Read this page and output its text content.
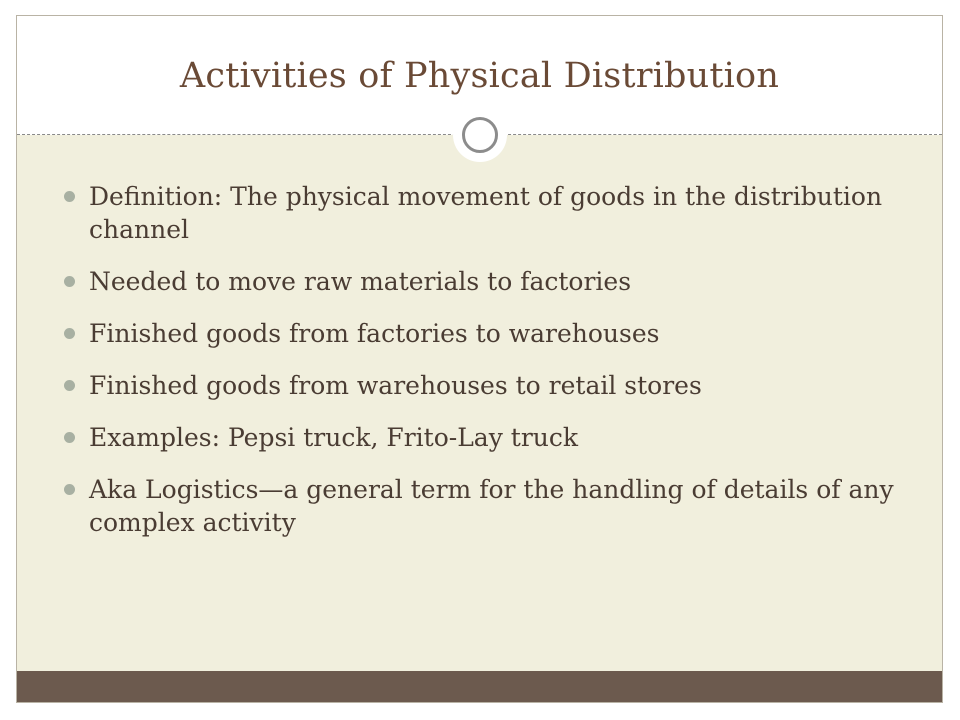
Activities of Physical Distribution
Definition: The physical movement of goods in the distribution channel
Needed to move raw materials to factories
Finished goods from factories to warehouses
Finished goods from warehouses to retail stores
Examples: Pepsi truck, Frito-Lay truck
Aka Logistics—a general term for the handling of details of any complex activity
